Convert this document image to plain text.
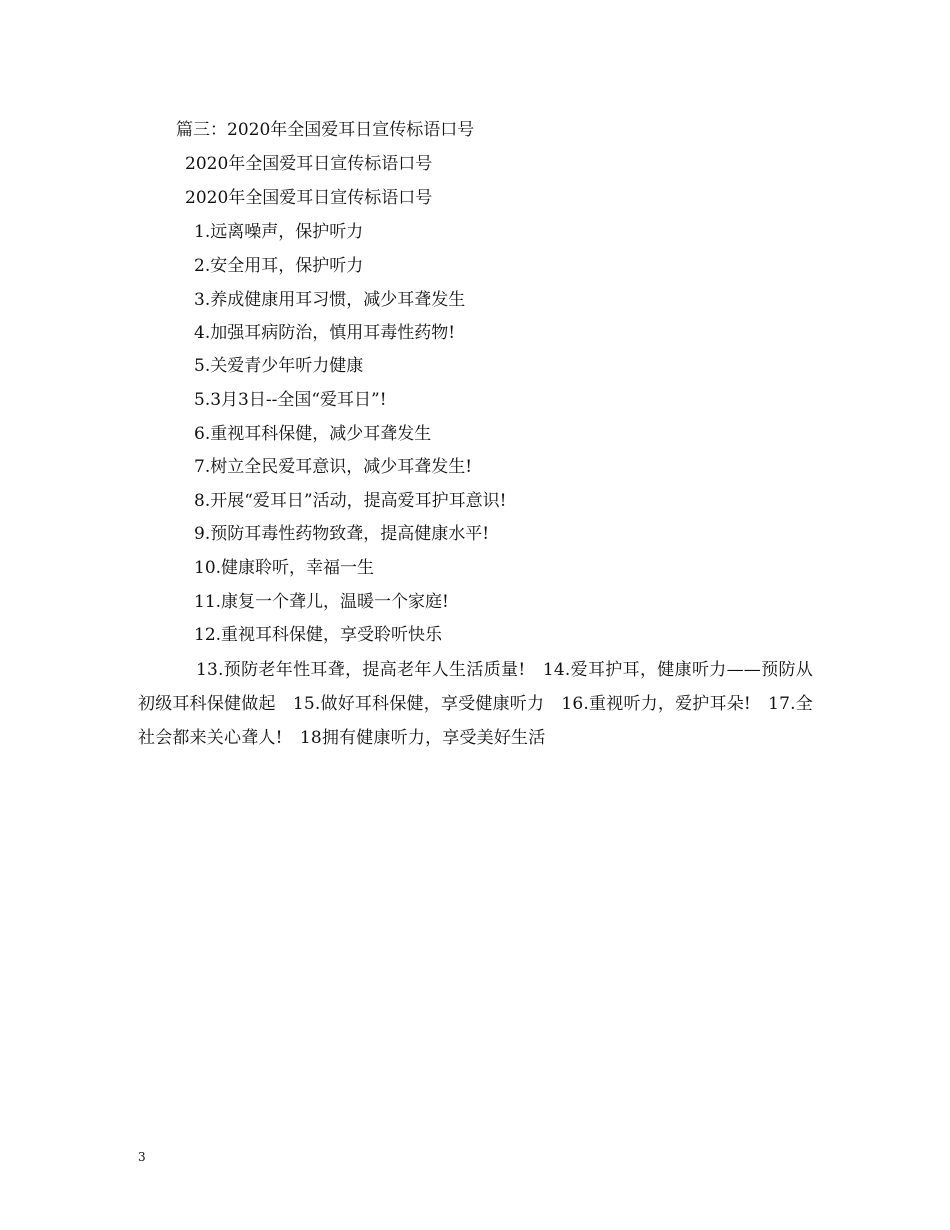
篇三：2020年全国爱耳日宣传标语口号
2020年全国爱耳日宣传标语口号
2020年全国爱耳日宣传标语口号
1.远离噪声，保护听力
2.安全用耳，保护听力
3.养成健康用耳习惯，减少耳聋发生
4.加强耳病防治，慎用耳毒性药物!
5.关爱青少年听力健康
5.3月3日--全国“爱耳日”!
6.重视耳科保健，减少耳聋发生
7.树立全民爱耳意识，减少耳聋发生!
8.开展“爱耳日”活动，提高爱耳护耳意识!
9.预防耳毒性药物致聋，提高健康水平!
10.健康聆听，幸福一生
11.康复一个聋儿，温暖一个家庭!
12.重视耳科保健，享受聆听快乐
13.预防老年性耳聋，提高老年人生活质量!　14.爱耳护耳，健康听力——预防从初级耳科保健做起　15.做好耳科保健，享受健康听力　16.重视听力，爱护耳朵!　17.全社会都来关心聋人!　18拥有健康听力，享受美好生活
3
